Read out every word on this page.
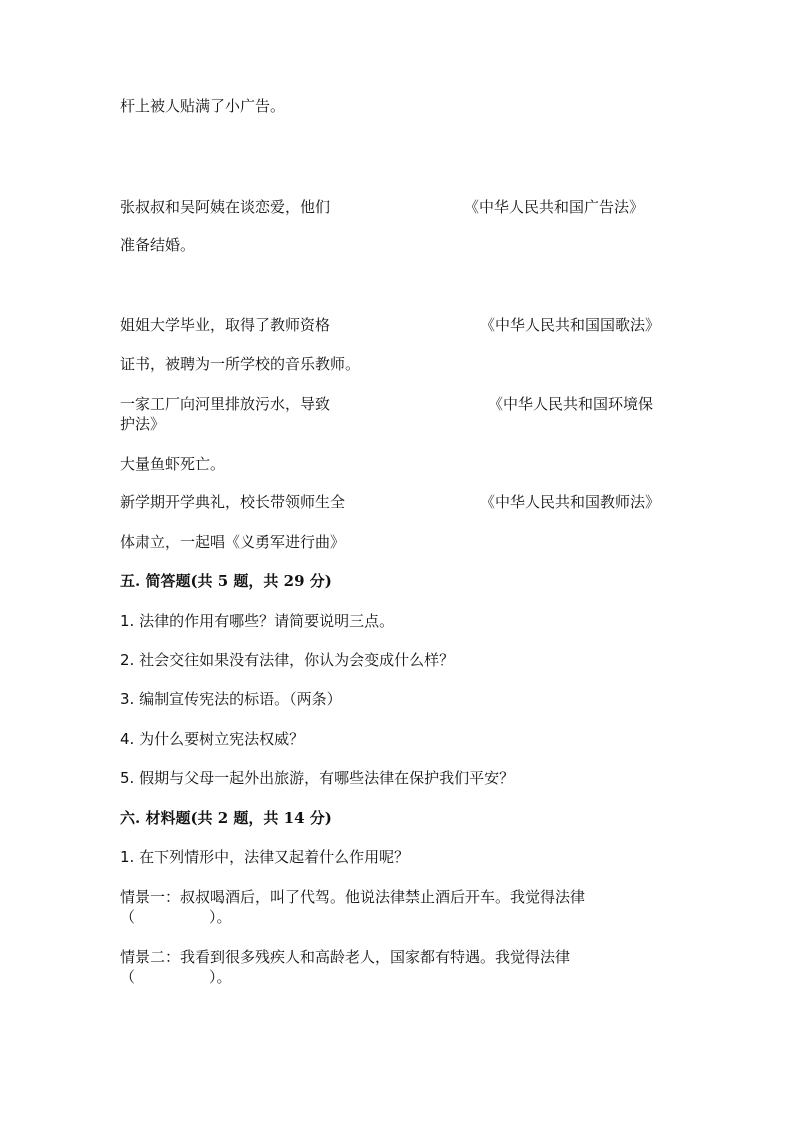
杆上被人贴满了小广告。
张叔叔和吴阿姨在谈恋爱，他们	《中华人民共和国广告法》
准备结婚。
姐姐大学毕业，取得了教师资格	《中华人民共和国国歌法》
证书，被聘为一所学校的音乐教师。
一家工厂向河里排放污水，导致	《中华人民共和国环境保
护法》
大量鱼虾死亡。
新学期开学典礼，校长带领师生全	《中华人民共和国教师法》
体肃立，一起唱《义勇军进行曲》
五. 简答题(共 5 题，共 29 分)
1. 法律的作用有哪些？请简要说明三点。
2. 社会交往如果没有法律，你认为会变成什么样？
3. 编制宣传宪法的标语。（两条）
4. 为什么要树立宪法权威？
5. 假期与父母一起外出旅游，有哪些法律在保护我们平安？
六. 材料题(共 2 题，共 14 分)
1. 在下列情形中，法律又起着什么作用呢？
情景一：叔叔喝酒后，叫了代驾。他说法律禁止酒后开车。我觉得法律
（	）。
情景二：我看到很多残疾人和高龄老人，国家都有特遇。我觉得法律
（	）。
